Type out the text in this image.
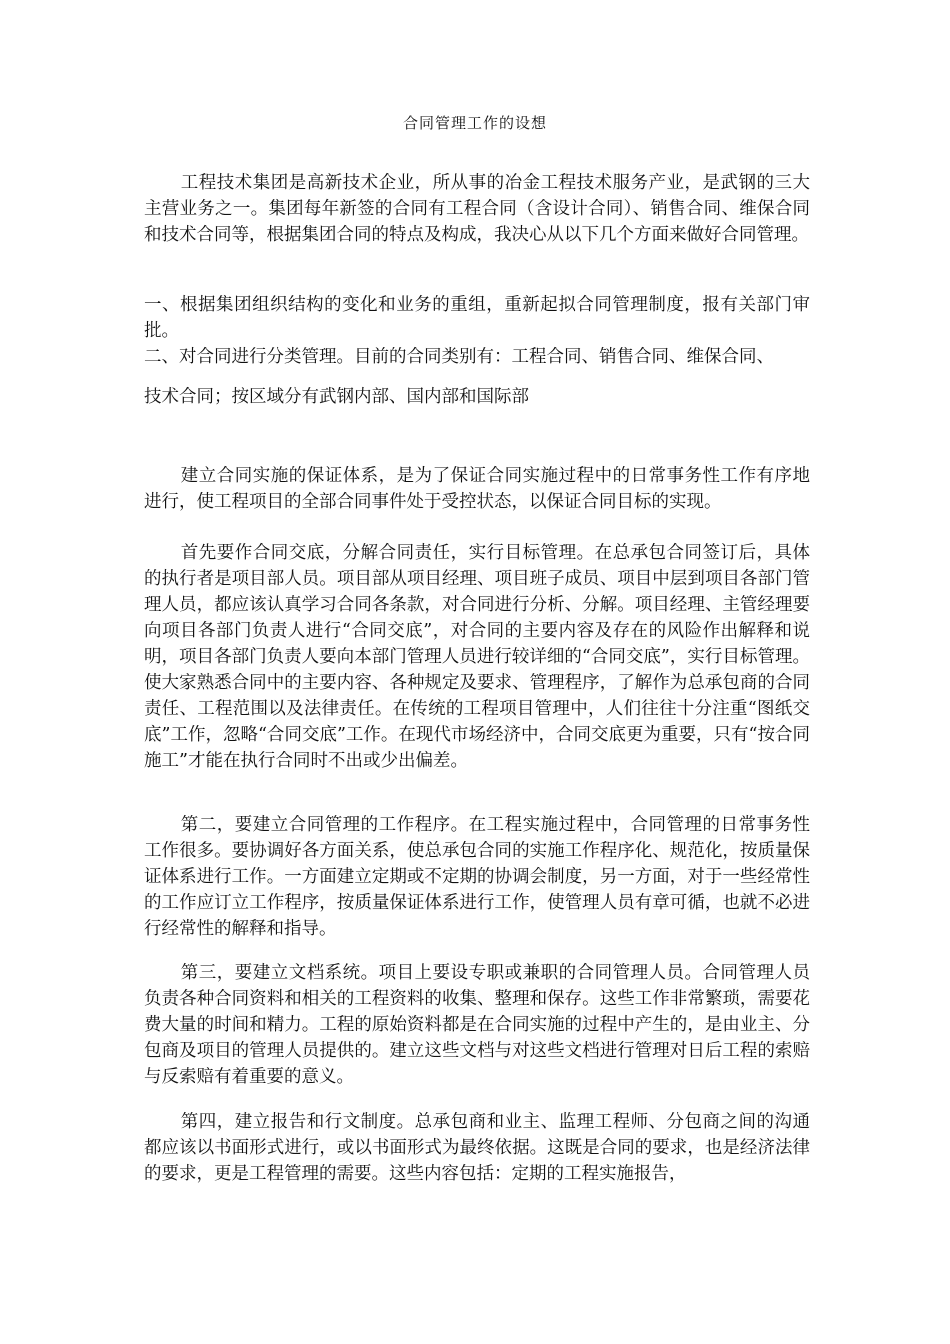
合同管理工作的设想

工程技术集团是高新技术企业，所从事的冶金工程技术服务产业，是武钢的三大主营业务之一。集团每年新签的合同有工程合同（含设计合同）、销售合同、维保合同和技术合同等，根据集团合同的特点及构成，我决心从以下几个方面来做好合同管理。

一、根据集团组织结构的变化和业务的重组，重新起拟合同管理制度，报有关部门审批。

二、对合同进行分类管理。目前的合同类别有：工程合同、销售合同、维保合同、

技术合同；按区域分有武钢内部、国内部和国际部

建立合同实施的保证体系，是为了保证合同实施过程中的日常事务性工作有序地进行，使工程项目的全部合同事件处于受控状态，以保证合同目标的实现。

首先要作合同交底，分解合同责任，实行目标管理。在总承包合同签订后，具体的执行者是项目部人员。项目部从项目经理、项目班子成员、项目中层到项目各部门管理人员，都应该认真学习合同各条款，对合同进行分析、分解。项目经理、主管经理要向项目各部门负责人进行“合同交底”，对合同的主要内容及存在的风险作出解释和说明，项目各部门负责人要向本部门管理人员进行较详细的“合同交底”，实行目标管理。使大家熟悉合同中的主要内容、各种规定及要求、管理程序，了解作为总承包商的合同责任、工程范围以及法律责任。在传统的工程项目管理中，人们往往十分注重“图纸交底”工作，忽略“合同交底”工作。在现代市场经济中，合同交底更为重要，只有“按合同施工”才能在执行合同时不出或少出偏差。

第二，要建立合同管理的工作程序。在工程实施过程中，合同管理的日常事务性工作很多。要协调好各方面关系，使总承包合同的实施工作程序化、规范化，按质量保证体系进行工作。一方面建立定期或不定期的协调会制度，另一方面，对于一些经常性的工作应订立工作程序，按质量保证体系进行工作，使管理人员有章可循，也就不必进行经常性的解释和指导。

第三，要建立文档系统。项目上要设专职或兼职的合同管理人员。合同管理人员负责各种合同资料和相关的工程资料的收集、整理和保存。这些工作非常繁琐，需要花费大量的时间和精力。工程的原始资料都是在合同实施的过程中产生的，是由业主、分包商及项目的管理人员提供的。建立这些文档与对这些文档进行管理对日后工程的索赔与反索赔有着重要的意义。

第四，建立报告和行文制度。总承包商和业主、监理工程师、分包商之间的沟通都应该以书面形式进行，或以书面形式为最终依据。这既是合同的要求，也是经济法律的要求，更是工程管理的需要。这些内容包括：定期的工程实施报告，
